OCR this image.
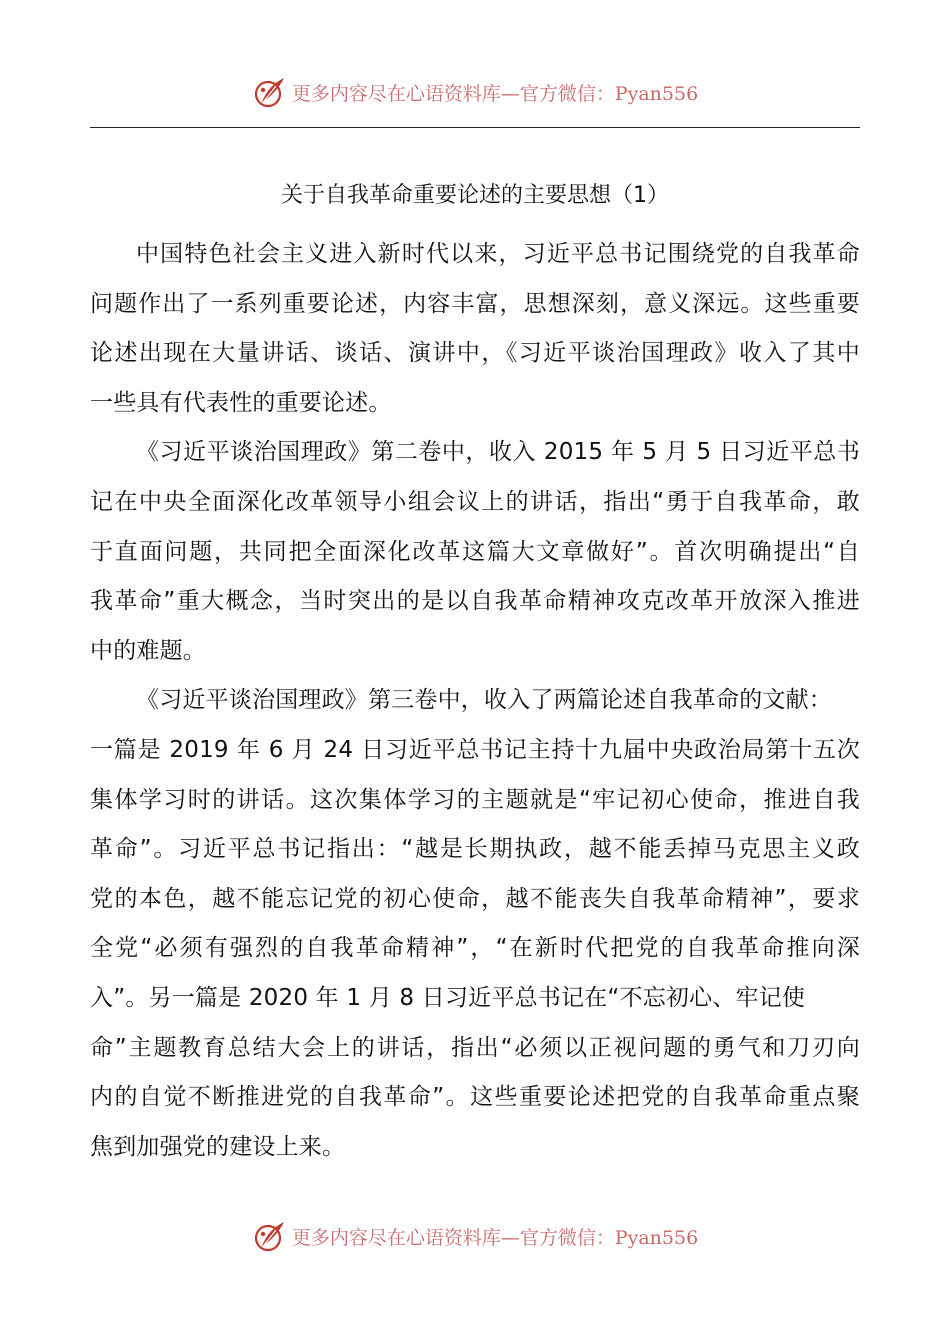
更多内容尽在心语资料库—官方微信：Pyan556
关于自我革命重要论述的主要思想（1）

中国特色社会主义进入新时代以来，习近平总书记围绕党的自我革命
问题作出了一系列重要论述，内容丰富，思想深刻，意义深远。这些重要
论述出现在大量讲话、谈话、演讲中，《习近平谈治国理政》收入了其中
一些具有代表性的重要论述。

《习近平谈治国理政》第二卷中，收入 2015 年 5 月 5 日习近平总书
记在中央全面深化改革领导小组会议上的讲话，指出“勇于自我革命，敢
于直面问题，共同把全面深化改革这篇大文章做好”。首次明确提出“自
我革命”重大概念，当时突出的是以自我革命精神攻克改革开放深入推进
中的难题。

《习近平谈治国理政》第三卷中，收入了两篇论述自我革命的文献：
一篇是 2019 年 6 月 24 日习近平总书记主持十九届中央政治局第十五次
集体学习时的讲话。这次集体学习的主题就是“牢记初心使命，推进自我
革命”。习近平总书记指出：“越是长期执政，越不能丢掉马克思主义政
党的本色，越不能忘记党的初心使命，越不能丧失自我革命精神”，要求
全党“必须有强烈的自我革命精神”，“在新时代把党的自我革命推向深
入”。另一篇是 2020 年 1 月 8 日习近平总书记在“不忘初心、牢记使
命”主题教育总结大会上的讲话，指出“必须以正视问题的勇气和刀刃向
内的自觉不断推进党的自我革命”。这些重要论述把党的自我革命重点聚
焦到加强党的建设上来。

更多内容尽在心语资料库—官方微信：Pyan556
